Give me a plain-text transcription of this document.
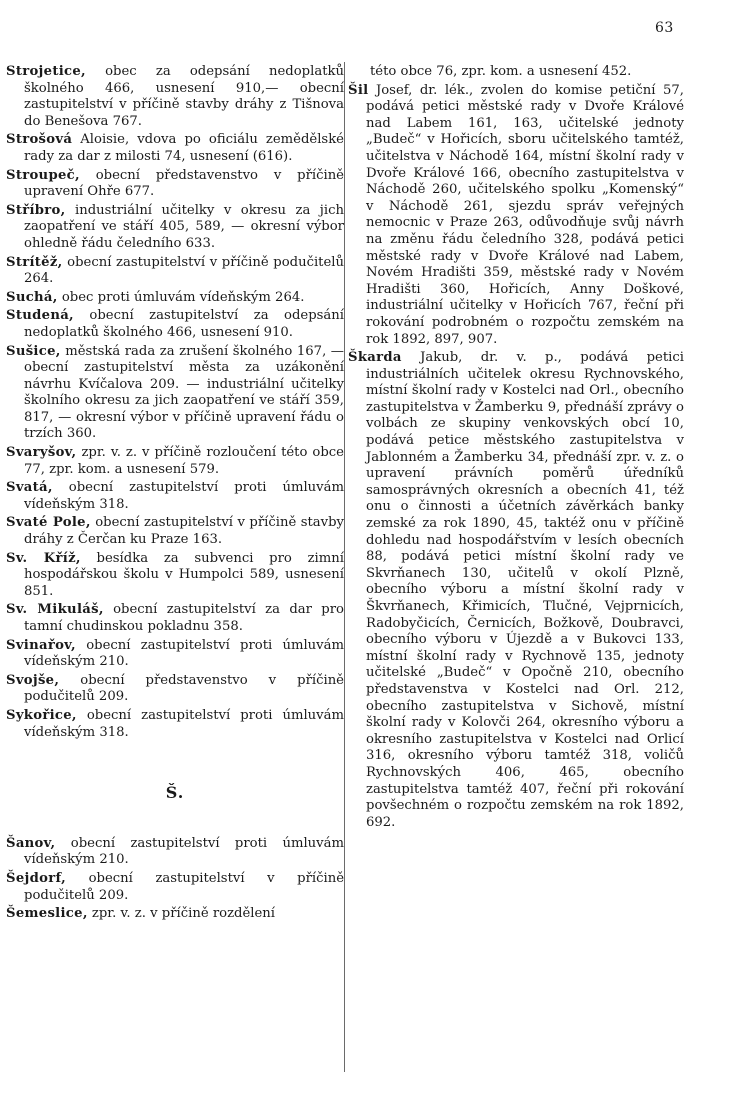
63
Strojetice, obec za odepsání nedoplatků školného 466, usnesení 910,— obecní zastupitelství v příčině stavby dráhy z Tišnova do Benešova 767.
Strošová Aloisie, vdova po oficiálu zemědělské rady za dar z milosti 74, usnesení (616).
Stroupeč, obecní představenstvo v příčině upravení Ohře 677.
Stříbro, industriální učitelky v okresu za jich zaopatření ve stáří 405, 589, — okresní výbor ohledně řádu čeledního 633.
Strítěž, obecní zastupitelství v příčině podučitelů 264.
Suchá, obec proti úmluvám vídeňským 264.
Studená, obecní zastupitelství za odepsání nedoplatků školného 466, usnesení 910.
Sušice, městská rada za zrušení školného 167, — obecní zastupitelství města za uzákonění návrhu Kvíčalova 209. — industriální učitelky školního okresu za jich zaopatření ve stáří 359, 817, — okresní výbor v příčině upravení řádu o trzích 360.
Svaryšov, zpr. v. z. v příčině rozloučení této obce 77, zpr. kom. a usnesení 579.
Svatá, obecní zastupitelství proti úmluvám vídeňským 318.
Svaté Pole, obecní zastupitelství v příčině stavby dráhy z Čerčan ku Praze 163.
Sv. Kříž, besídka za subvenci pro zimní hospodářskou školu v Humpolci 589, usnesení 851.
Sv. Mikuláš, obecní zastupitelství za dar pro tamní chudinskou pokladnu 358.
Svinařov, obecní zastupitelství proti úmluvám vídeňským 210.
Svojše, obecní představenstvo v příčině podučitelů 209.
Sykořice, obecní zastupitelství proti úmluvám vídeňským 318.
Š.
Šanov, obecní zastupitelství proti úmluvám vídeňským 210.
Šejdorf, obecní zastupitelství v příčině podučitelů 209.
Šemeslice, zpr. v. z. v příčině rozdělení
této obce 76, zpr. kom. a usnesení 452.
Šil Josef, dr. lék., zvolen do komise petiční 57, podává petici městské rady v Dvoře Králové nad Labem 161, 163, učitelské jednoty „Budeč“ v Hořicích, sboru učitelského tamtéž, učitelstva v Náchodě 164, místní školní rady v Dvoře Králové 166, obecního zastupitelstva v Náchodě 260, učitelského spolku „Komenský“ v Náchodě 261, sjezdu správ veřejných nemocnic v Praze 263, odůvodňuje svůj návrh na změnu řádu čeledního 328, podává petici městské rady v Dvoře Králové nad Labem, Novém Hradišti 359, městské rady v Novém Hradišti 360, Hořicích, Anny Doškové, industriální učitelky v Hořicích 767, řeční při rokování podrobném o rozpočtu zemském na rok 1892, 897, 907.
Škarda Jakub, dr. v. p., podává petici industriálních učitelek okresu Rychnovského, místní školní rady v Kostelci nad Orl., obecního zastupitelstva v Žamberku 9, přednáší zprávy o volbách ze skupiny venkovských obcí 10, podává petice městského zastupitelstva v Jablonném a Žamberku 34, přednáší zpr. v. z. o upravení právních poměrů úředníků samosprávných okresních a obecních 41, též onu o činnosti a účetních závěrkách banky zemské za rok 1890, 45, taktéž onu v příčině dohledu nad hospodářstvím v lesích obecních 88, podává petici místní školní rady ve Skvrňanech 130, učitelů v okolí Plzně, obecního výboru a místní školní rady v Škvrňanech, Křimicích, Tlučné, Vejprnicích, Radobyčicích, Černicích, Božkově, Doubravci, obecního výboru v Újezdě a v Bukovci 133, místní školní rady v Rychnově 135, jednoty učitelské „Budeč“ v Opočně 210, obecního představenstva v Kostelci nad Orl. 212, obecního zastupitelstva v Sichově, místní školní rady v Kolovči 264, okresního výboru a okresního zastupitelstva v Kostelci nad Orlicí 316, okresního výboru tamtéž 318, voličů Rychnovských 406, 465, obecního zastupitelstva tamtéž 407, řeční při rokování povšechném o rozpočtu zemském na rok 1892, 692.
